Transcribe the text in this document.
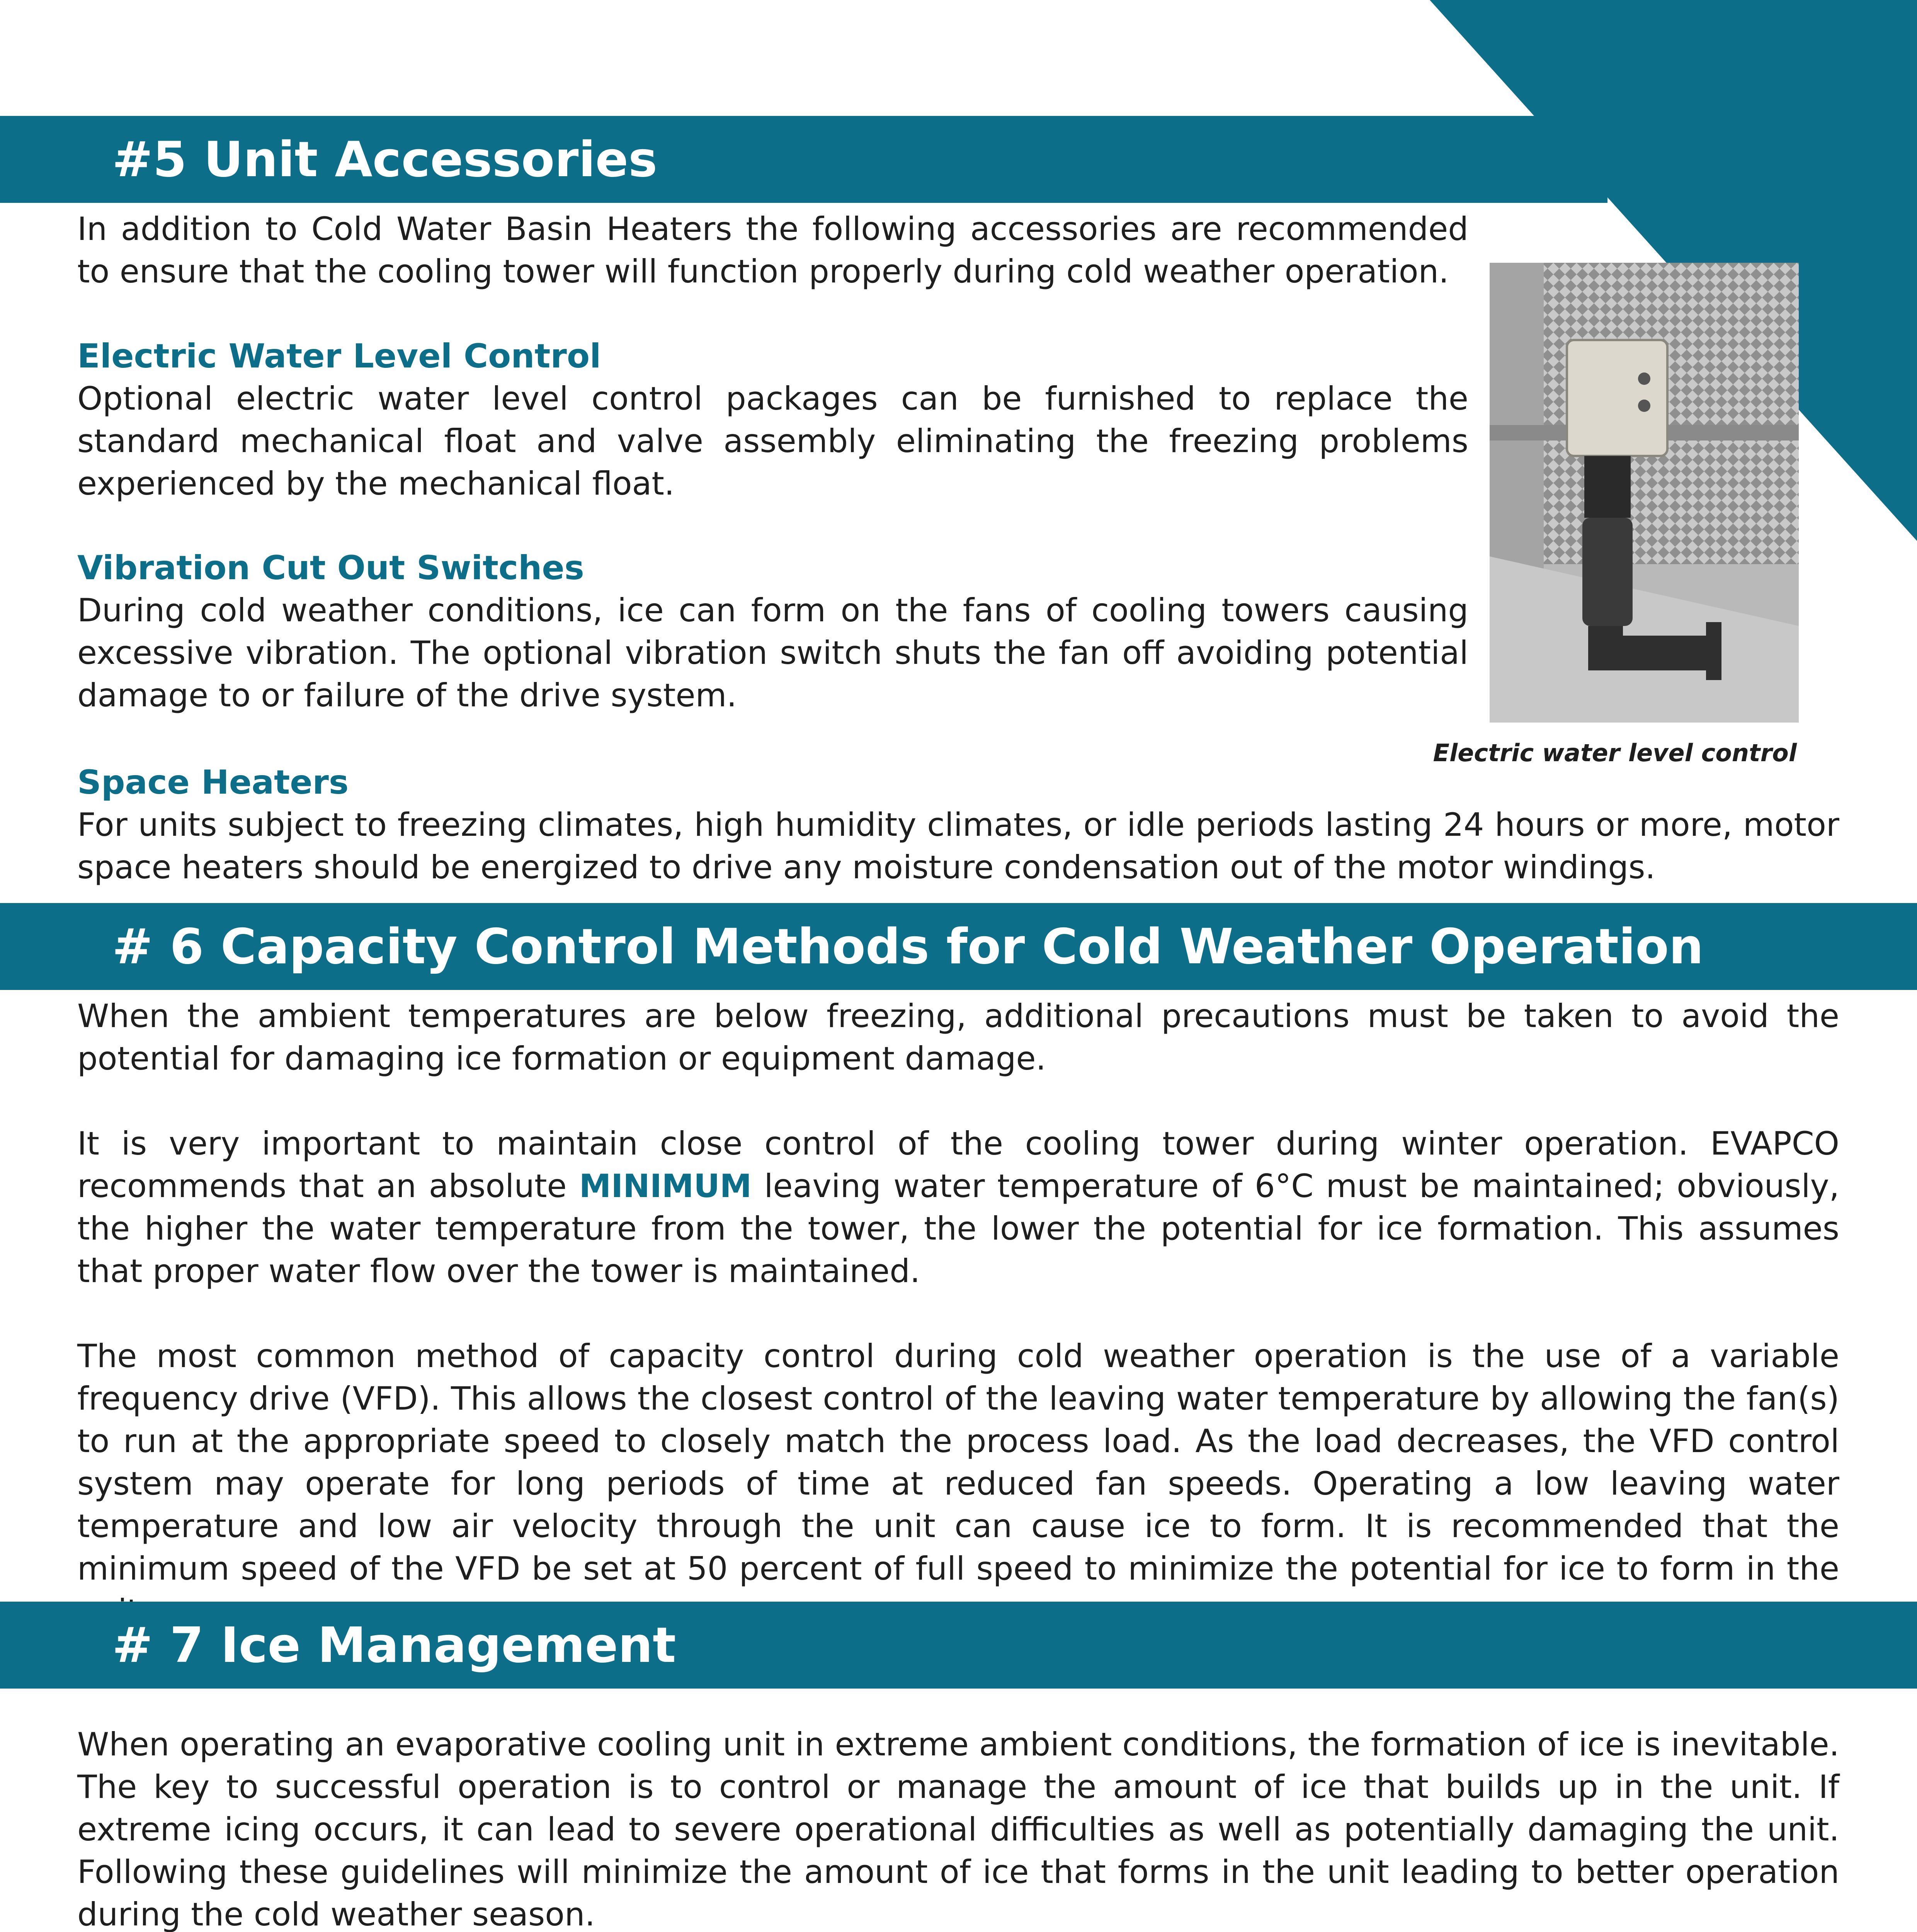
#5 Unit Accessories
In addition to Cold Water Basin Heaters the following accessories are recommended to ensure that the cooling tower will function properly during cold weather operation.
Electric Water Level Control
Optional electric water level control packages can be furnished to replace the standard mechanical float and valve assembly eliminating the freezing problems experienced by the mechanical float.
Vibration Cut Out Switches
During cold weather conditions, ice can form on the fans of cooling towers causing excessive vibration. The optional vibration switch shuts the fan off avoiding potential damage to or failure of the drive system.
Electric water level control
Space Heaters
For units subject to freezing climates, high humidity climates, or idle periods lasting 24 hours or more, motor space heaters should be energized to drive any moisture condensation out of the motor windings.
# 6 Capacity Control Methods for Cold Weather Operation
When the ambient temperatures are below freezing, additional precautions must be taken to avoid the potential for damaging ice formation or equipment damage.
It is very important to maintain close control of the cooling tower during winter operation. EVAPCO recommends that an absolute MINIMUM leaving water temperature of 6°C must be maintained; obviously, the higher the water temperature from the tower, the lower the potential for ice formation. This assumes that proper water flow over the tower is maintained.
The most common method of capacity control during cold weather operation is the use of a variable frequency drive (VFD). This allows the closest control of the leaving water temperature by allowing the fan(s) to run at the appropriate speed to closely match the process load. As the load decreases, the VFD control system may operate for long periods of time at reduced fan speeds. Operating a low leaving water temperature and low air velocity through the unit can cause ice to form. It is recommended that the minimum speed of the VFD be set at 50 percent of full speed to minimize the potential for ice to form in the
# 7 Ice Management
When operating an evaporative cooling unit in extreme ambient conditions, the formation of ice is inevitable. The key to successful operation is to control or manage the amount of ice that builds up in the unit. If extreme icing occurs, it can lead to severe operational difficulties as well as potentially damaging the unit. Following these guidelines will minimize the amount of ice that forms in the unit leading to better operation during the cold weather season.
